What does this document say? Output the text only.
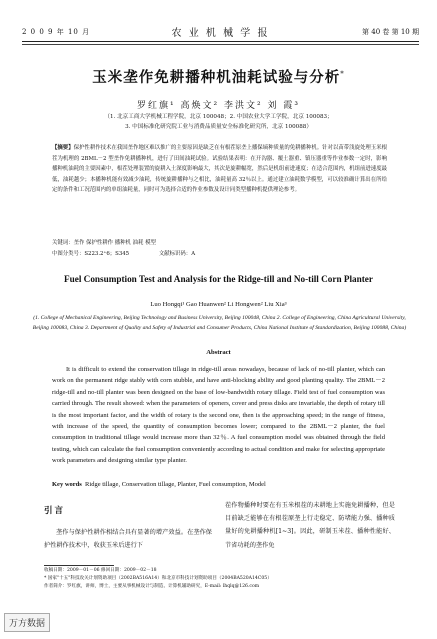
2 0 0 9 年 10 月	农 业 机 械 学 报	第 40 卷 第 10 期
玉米垄作免耕播种机油耗试验与分析*
罗红旗¹ 高焕文² 李洪文² 刘 霞³
（1. 北京工商大学机械工程学院，北京 100048；2. 中国农业大学工学院，北京 100083；
3. 中国标准化研究院工业与消费品质量安全标准化研究所，北京 100088）
【摘要】保护性耕作技术在我国垄作地区难以推广的主要原因是缺乏在有根茬原垄上播保墒种质量的免耕播种机。针对以苗带浅旋处理玉米根茬为机理的 2BML－2 型垄作免耕播种机，进行了田间油耗试验。试验结果表明：在开沟器、覆土器重、镇压器重等作业参数一定时，影响播种机油耗的主要因素中，根茬处理装置的旋耕入土深度影响最大，其次是旋耕幅宽，然后是机组前进速度；在适合范围内，机组前进速度最低，油耗越少；本播种机能有效减少油耗，传统旋耕播种与之相比，油耗量高 32％以上。通过建立油耗数学模型，可以较准确计算出在所给定的条件和工况范围内的单组油耗量，同时可为选择合适的作业参数及设计同类型播种机提供理论参考。
关键词：垄作 保护性耕作 播种机 油耗 模型
中图分类号：S223.2⁺6；S345	文献标识码：A
Fuel Consumption Test and Analysis for the Ridge-till and No-till Corn Planter
Luo Hongqi¹ Gao Huanwen² Li Hongwen² Liu Xia³
(1. College of Mechanical Engineering, Beijing Technology and Business University, Beijing 100048, China 2. College of Engineering, China Agricultural University, Beijing 100083, China 3. Department of Quality and Safety of Industrial and Consumer Products, China National Institute of Standardization, Beijing 100088, China)
Abstract
It is difficult to extend the conservation tillage in ridge-till areas nowadays, because of lack of no-till planter, which can work on the permanent ridge stably with corn stubble, and have anti-blocking ability and good planting quality. The 2BML－2 ridge-till and no-till planter was been designed on the base of low-bandwidth rotary tillage. Field test of fuel consumption was carried through. The result showed: when the parameters of openers, cover and press disks are invariable, the depth of rotary till is the most important factor, and the width of rotary is the second one, then is the approaching speed; in the range of fitness, with increase of the speed, the quantity of consumption becomes lower; compared to the 2BML－2 planter, the fuel consumption in traditional tillage would increase more than 32％. A fuel consumption model was obtained through the field testing, which can calculate the fuel consumption conveniently according to actual condition and make for selecting appropriate work parameters and designing similar type planter.
Key words Ridge tillage, Conservation tillage, Planter, Fuel consumption, Model
引言
垄作与保护性耕作相结合具有显著的增产效益。在垄作保护性耕作技术中，收获玉米后进行下
茬作物播种时要在有玉米根茬的未耕地上实施免耕播种，但是目前缺乏能够在有根茬原垄上行走稳定、防堵能力强、播种质量好的免耕播种机[1~3]。因此，研制玉米茬、播种性能好、节省功耗的垄作免
收稿日期：2009－01－06 修回日期：2009－02－18
* 国家"十五"科技攻关计划资助项目（2002BA516A14）和北京市科技计划资助项目（2004BA520A14C05）
作者简介：罗红旗，讲师，博士，主要从事机械设计与制造、计算机辅助研究，E-mail: lhqlq@126.com
万方数据
